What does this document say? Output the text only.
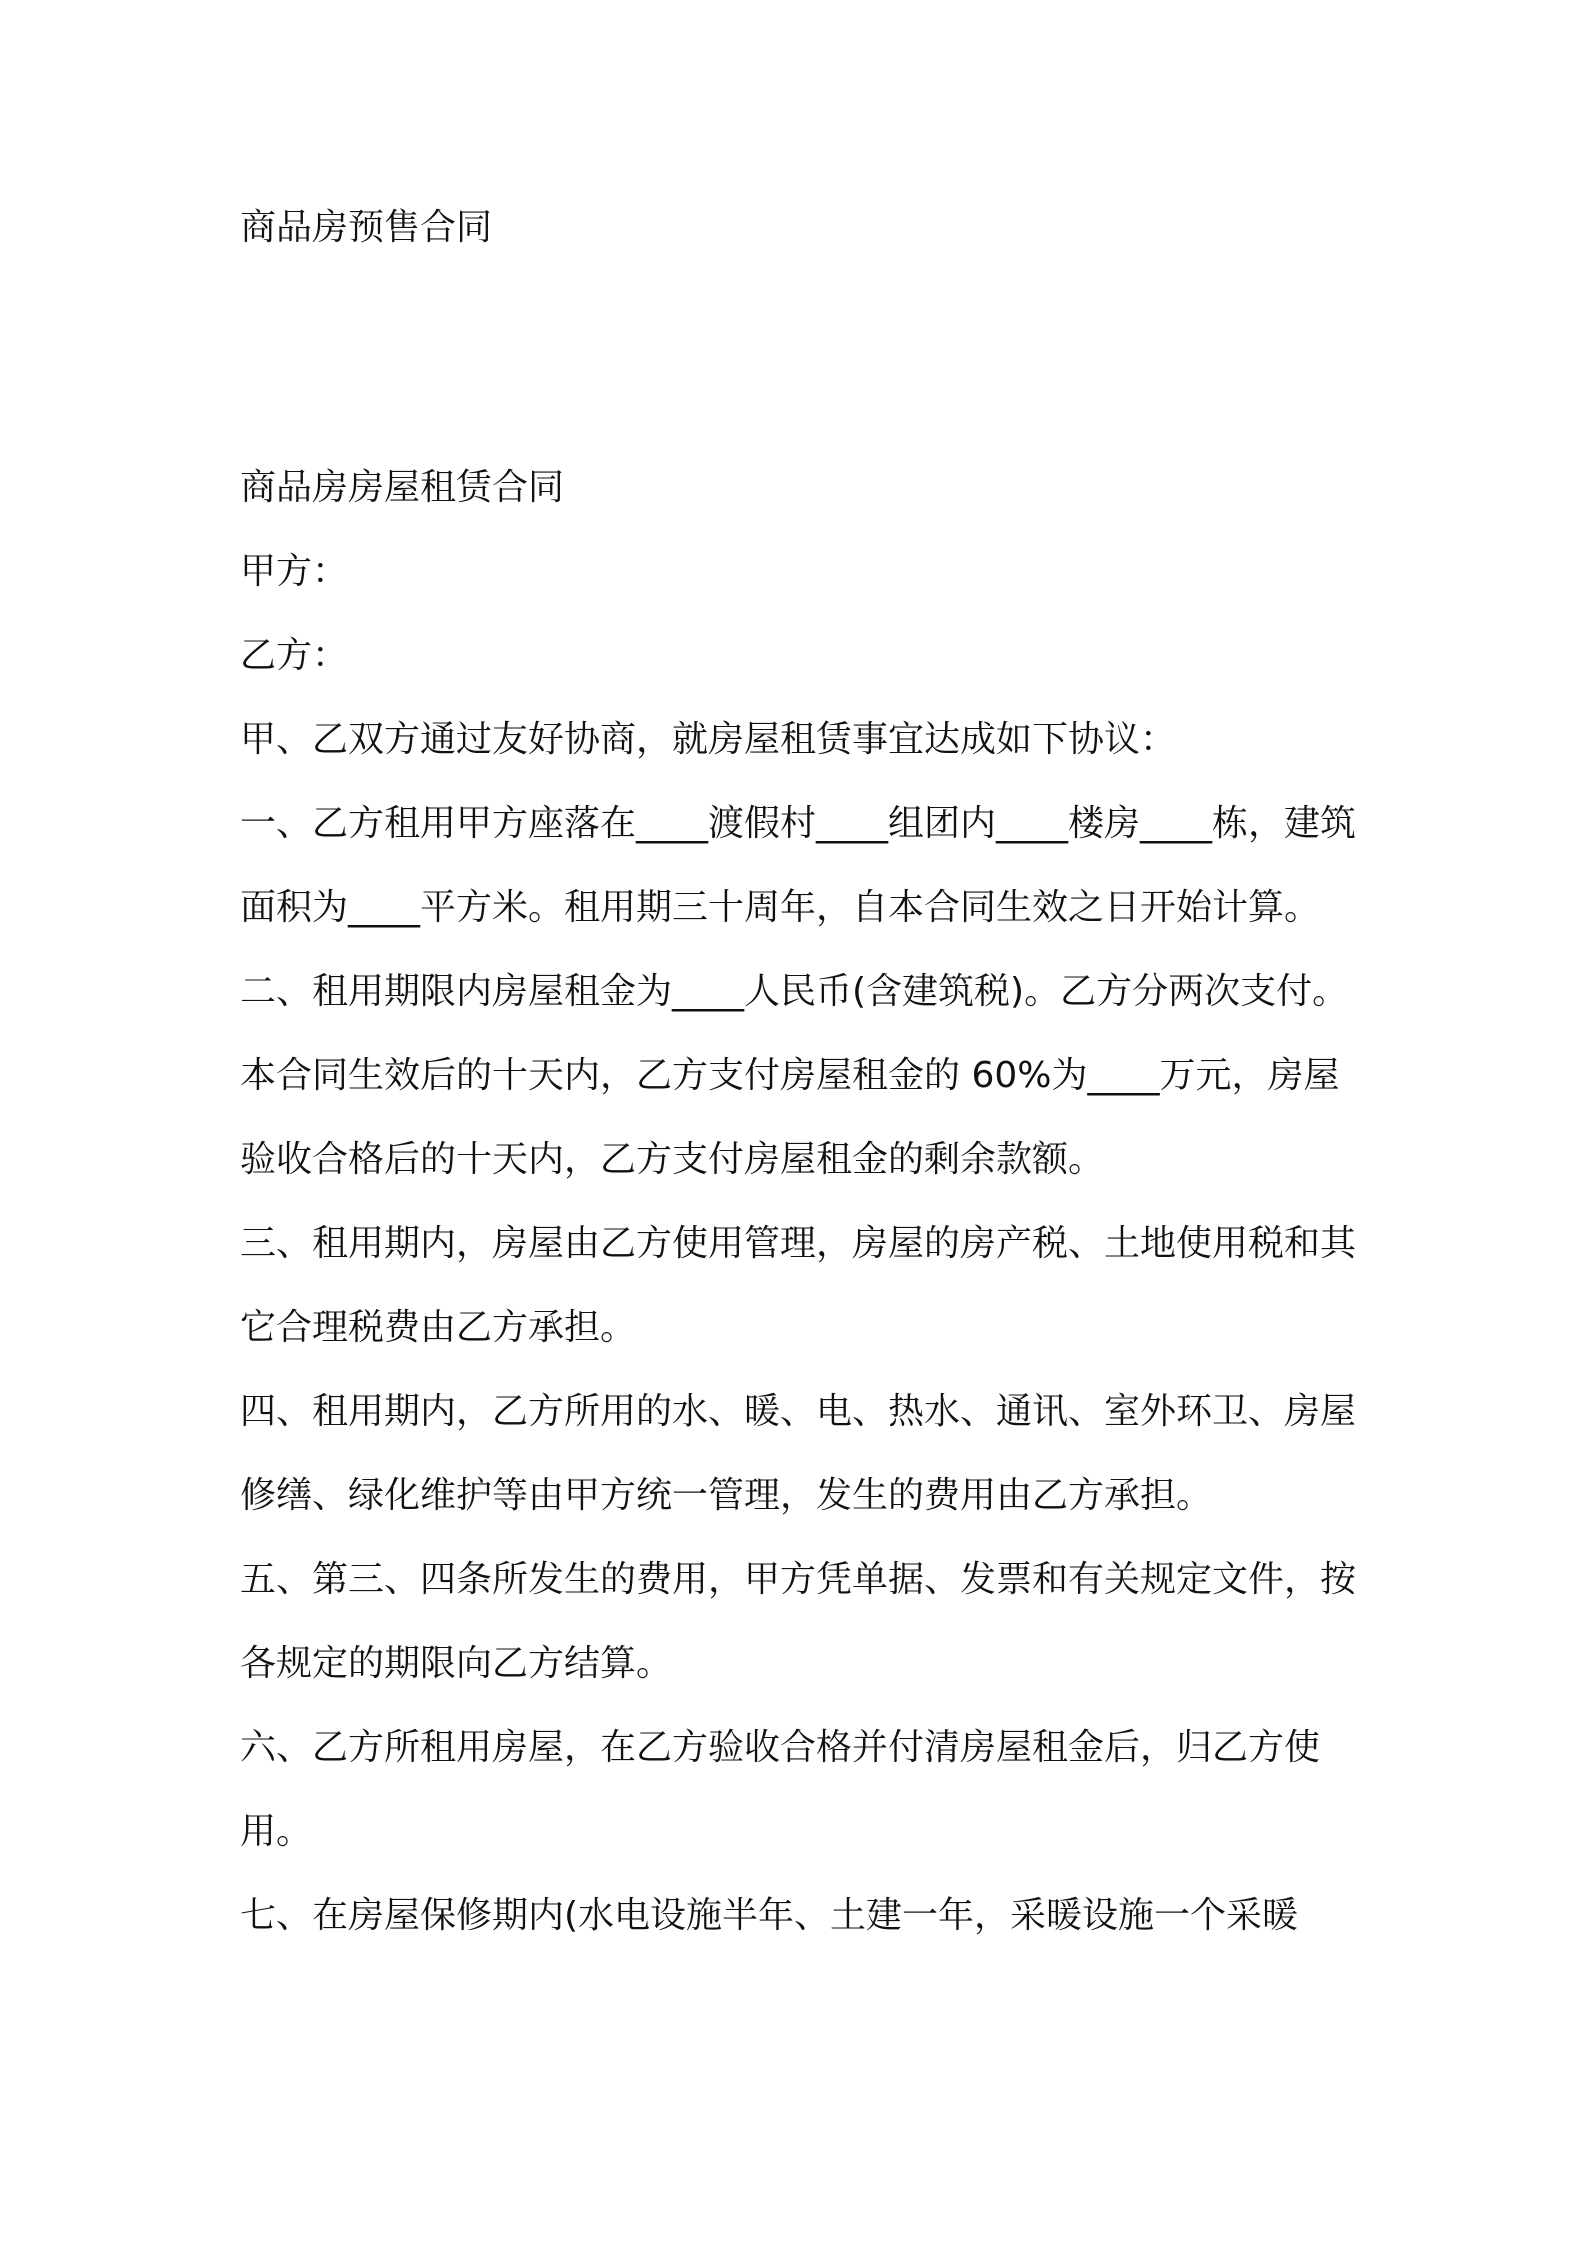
商品房预售合同

商品房房屋租赁合同

甲方：

乙方：

甲、乙双方通过友好协商，就房屋租赁事宜达成如下协议：

一、乙方租用甲方座落在____渡假村____组团内____楼房____栋，建筑面积为____平方米。租用期三十周年，自本合同生效之日开始计算。

二、租用期限内房屋租金为____人民币(含建筑税)。乙方分两次支付。本合同生效后的十天内，乙方支付房屋租金的 60%为____万元，房屋验收合格后的十天内，乙方支付房屋租金的剩余款额。

三、租用期内，房屋由乙方使用管理，房屋的房产税、土地使用税和其它合理税费由乙方承担。

四、租用期内，乙方所用的水、暖、电、热水、通讯、室外环卫、房屋修缮、绿化维护等由甲方统一管理，发生的费用由乙方承担。

五、第三、四条所发生的费用，甲方凭单据、发票和有关规定文件，按各规定的期限向乙方结算。

六、乙方所租用房屋，在乙方验收合格并付清房屋租金后，归乙方使用。

七、在房屋保修期内(水电设施半年、土建一年，采暖设施一个采暖
